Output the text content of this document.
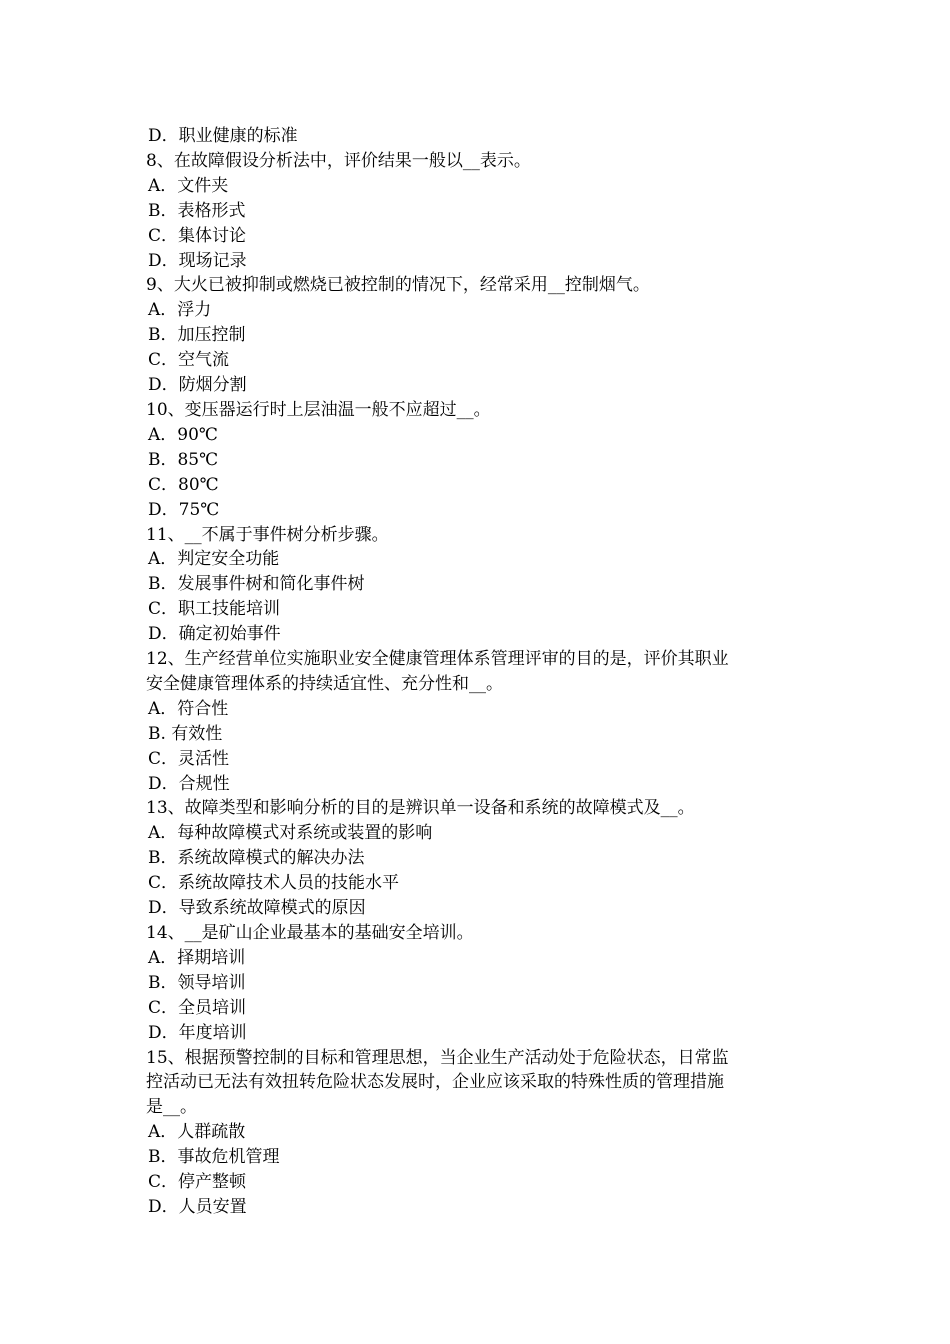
D．职业健康的标准

8、在故障假设分析法中，评价结果一般以__表示。

A．文件夹

B．表格形式

C．集体讨论

D．现场记录

9、大火已被抑制或燃烧已被控制的情况下，经常采用__控制烟气。

A．浮力

B．加压控制

C．空气流

D．防烟分割

10、变压器运行时上层油温一般不应超过__。

A．90℃

B．85℃

C．80℃

D．75℃

11、__不属于事件树分析步骤。

A．判定安全功能

B．发展事件树和简化事件树

C．职工技能培训

D．确定初始事件

12、生产经营单位实施职业安全健康管理体系管理评审的目的是，评价其职业

安全健康管理体系的持续适宜性、充分性和__。

A．符合性

B. 有效性

C．灵活性

D．合规性

13、故障类型和影响分析的目的是辨识单一设备和系统的故障模式及__。

A．每种故障模式对系统或装置的影响

B．系统故障模式的解决办法

C．系统故障技术人员的技能水平

D．导致系统故障模式的原因

14、__是矿山企业最基本的基础安全培训。

A．择期培训

B．领导培训

C．全员培训

D．年度培训

15、根据预警控制的目标和管理思想，当企业生产活动处于危险状态，日常监

控活动已无法有效扭转危险状态发展时，企业应该采取的特殊性质的管理措施

是__。

A．人群疏散

B．事故危机管理

C．停产整顿

D．人员安置
